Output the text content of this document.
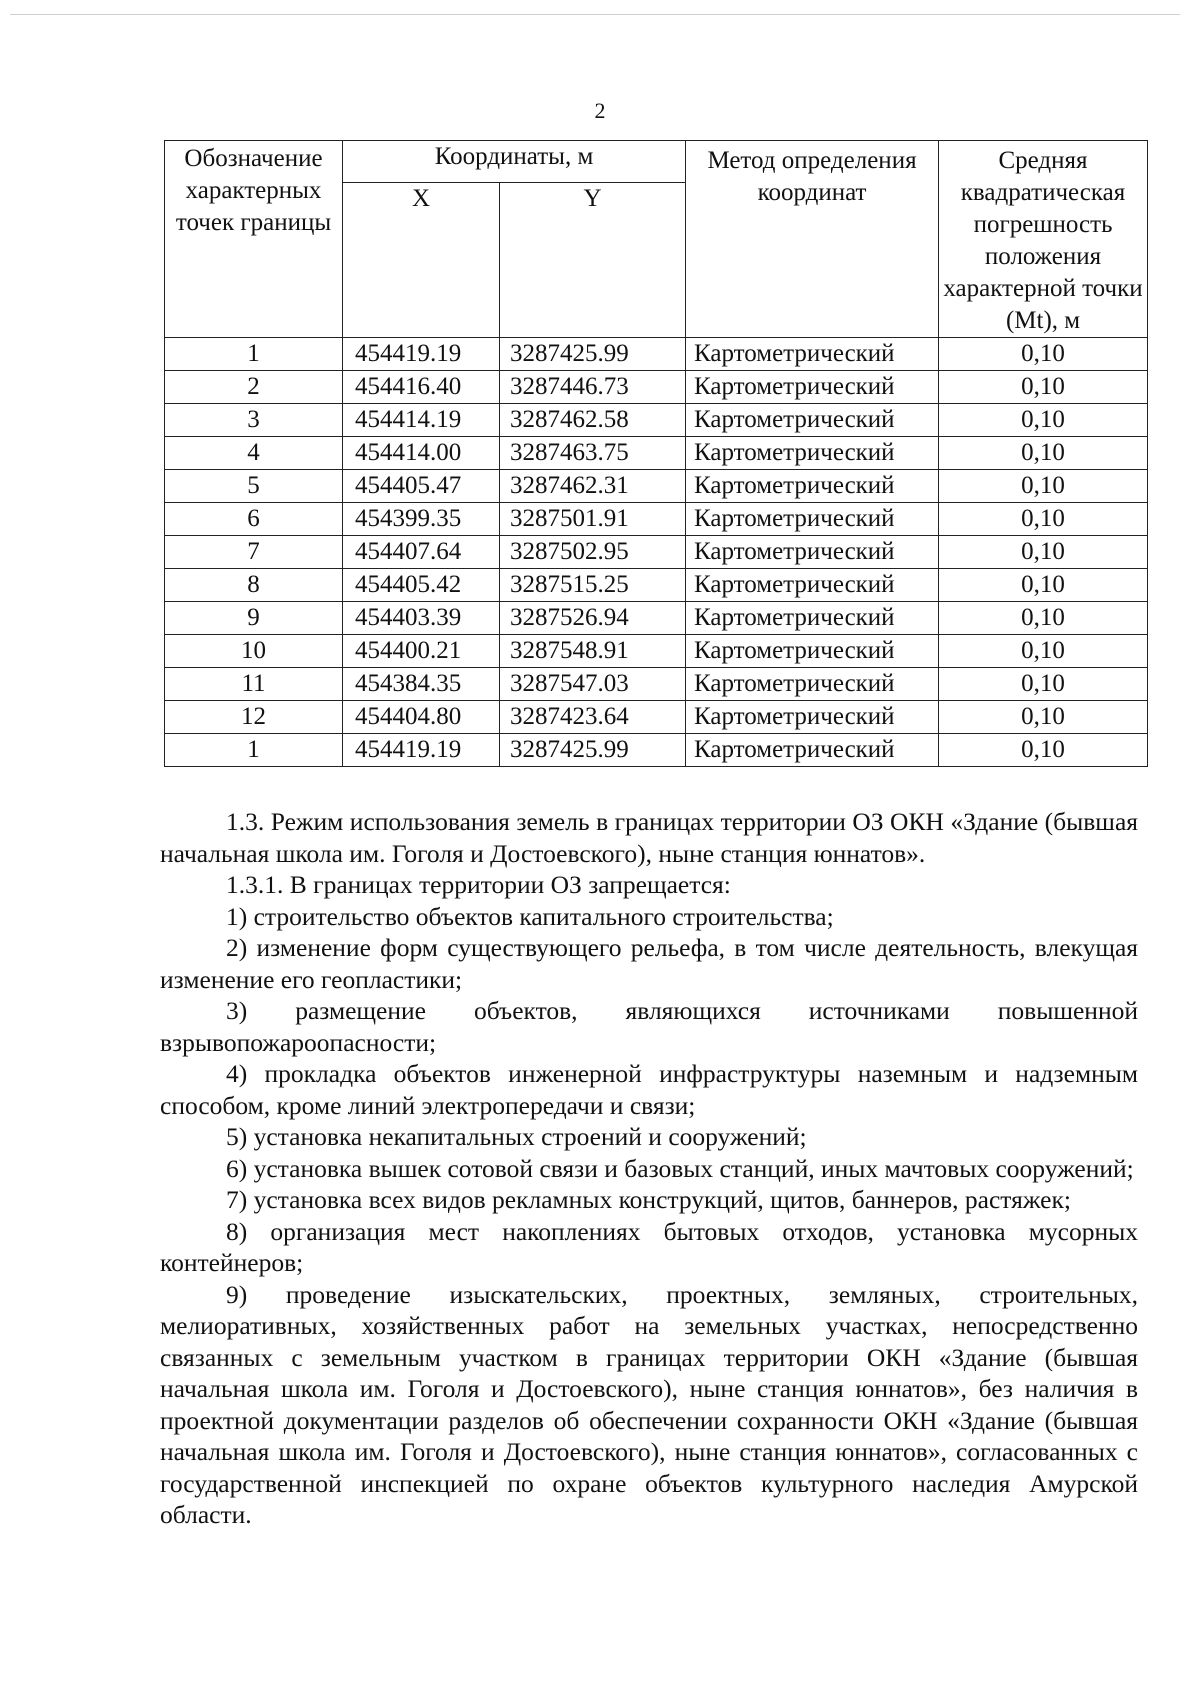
2
Обозначение характерных точек границы	Координаты, м		Метод определения координат	Средняя квадратическая погрешность положения характерной точки (Mt), м
	X	Y		
1	454419.19	3287425.99	Картометрический	0,10
2	454416.40	3287446.73	Картометрический	0,10
3	454414.19	3287462.58	Картометрический	0,10
4	454414.00	3287463.75	Картометрический	0,10
5	454405.47	3287462.31	Картометрический	0,10
6	454399.35	3287501.91	Картометрический	0,10
7	454407.64	3287502.95	Картометрический	0,10
8	454405.42	3287515.25	Картометрический	0,10
9	454403.39	3287526.94	Картометрический	0,10
10	454400.21	3287548.91	Картометрический	0,10
11	454384.35	3287547.03	Картометрический	0,10
12	454404.80	3287423.64	Картометрический	0,10
1	454419.19	3287425.99	Картометрический	0,10

1.3. Режим использования земель в границах территории ОЗ ОКН «Здание (бывшая начальная школа им. Гоголя и Достоевского), ныне станция юннатов».

1.3.1. В границах территории ОЗ запрещается:

1) строительство объектов капитального строительства;

2) изменение форм существующего рельефа, в том числе деятельность, влекущая изменение его геопластики;

3) размещение объектов, являющихся источниками повышенной взрывопожароопасности;

4) прокладка объектов инженерной инфраструктуры наземным и надземным способом, кроме линий электропередачи и связи;

5) установка некапитальных строений и сооружений;

6) установка вышек сотовой связи и базовых станций, иных мачтовых сооружений;

7) установка всех видов рекламных конструкций, щитов, баннеров, растяжек;

8) организация мест накоплениях бытовых отходов, установка мусорных контейнеров;

9) проведение изыскательских, проектных, земляных, строительных, мелиоративных, хозяйственных работ на земельных участках, непосредственно связанных с земельным участком в границах территории ОКН «Здание (бывшая начальная школа им. Гоголя и Достоевского), ныне станция юннатов», без наличия в проектной документации разделов об обеспечении сохранности ОКН «Здание (бывшая начальная школа им. Гоголя и Достоевского), ныне станция юннатов», согласованных с государственной инспекцией по охране объектов культурного наследия Амурской области.
